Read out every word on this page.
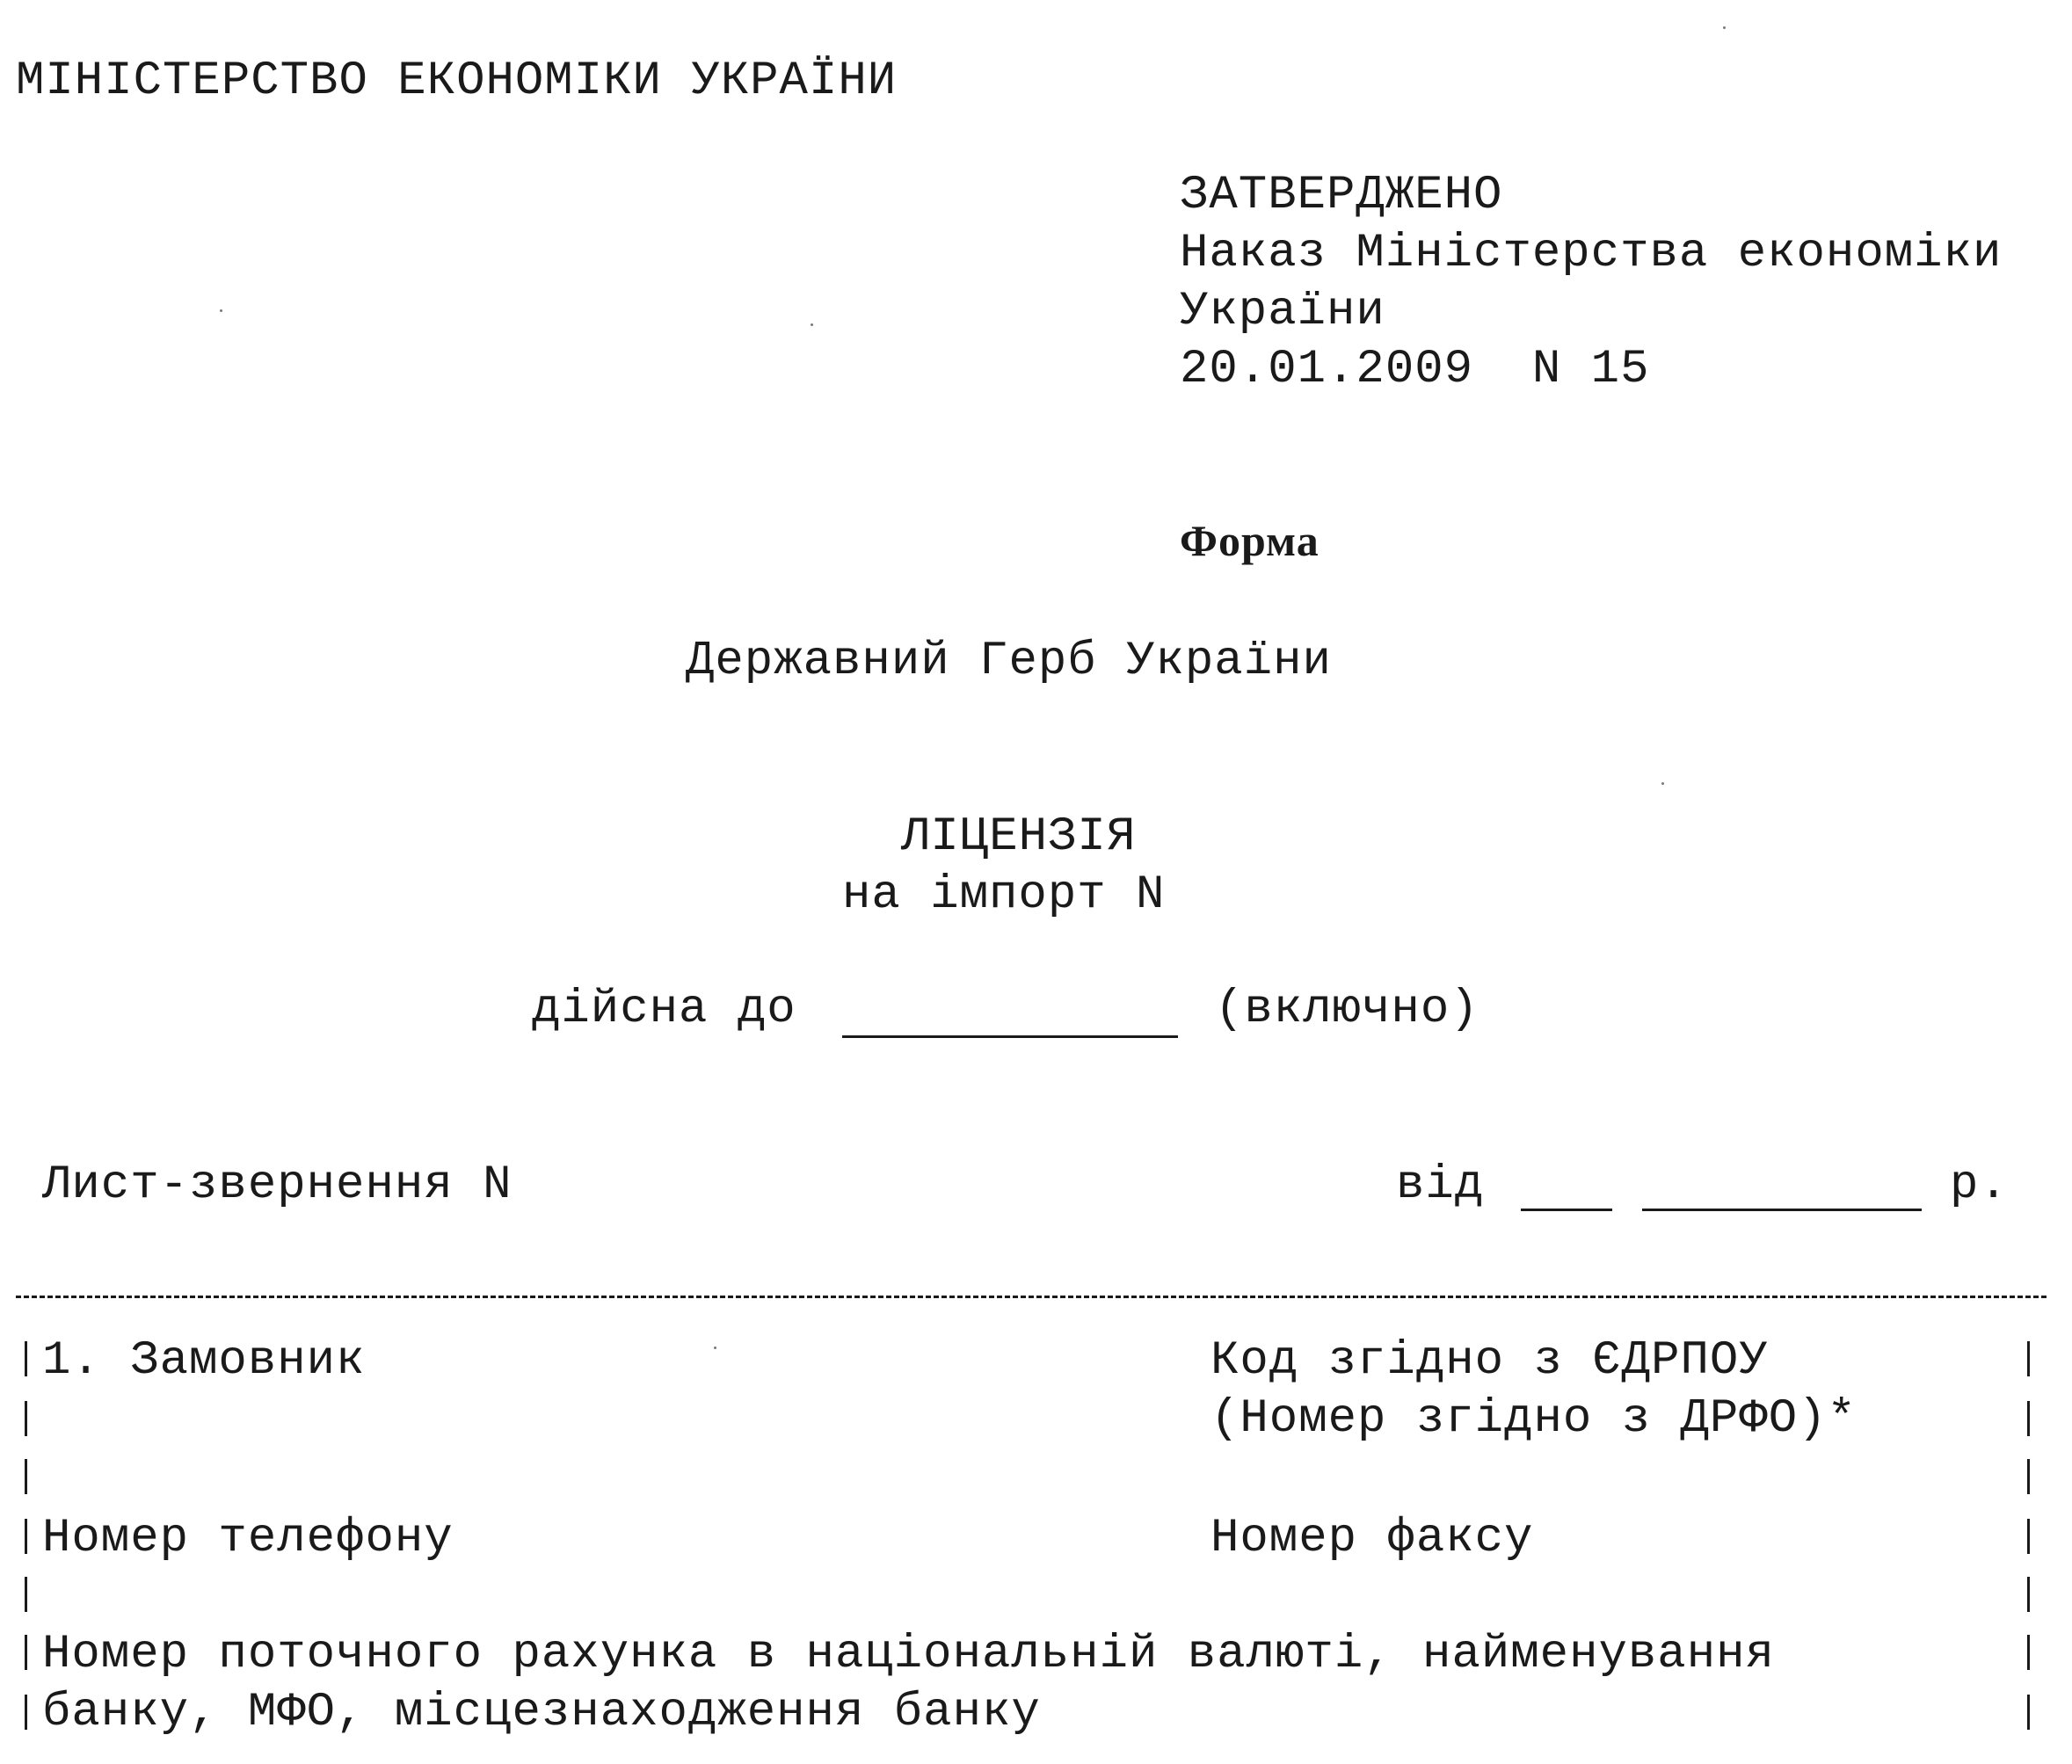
МІНІСТЕРСТВО ЕКОНОМІКИ УКРАЇНИ
ЗАТВЕРДЖЕНО
Наказ Міністерства економіки
України
20.01.2009  N 15
Форма
Державний Герб України
ЛІЦЕНЗІЯ
на імпорт N
дійсна до	(включно)
Лист-звернення N	від	р.
1. Замовник	Код згідно з ЄДРПОУ
(Номер згідно з ДРФО)*
Номер телефону	Номер факсу
Номер поточного рахунка в національній валюті, найменування
банку, МФО, місцезнаходження банку
